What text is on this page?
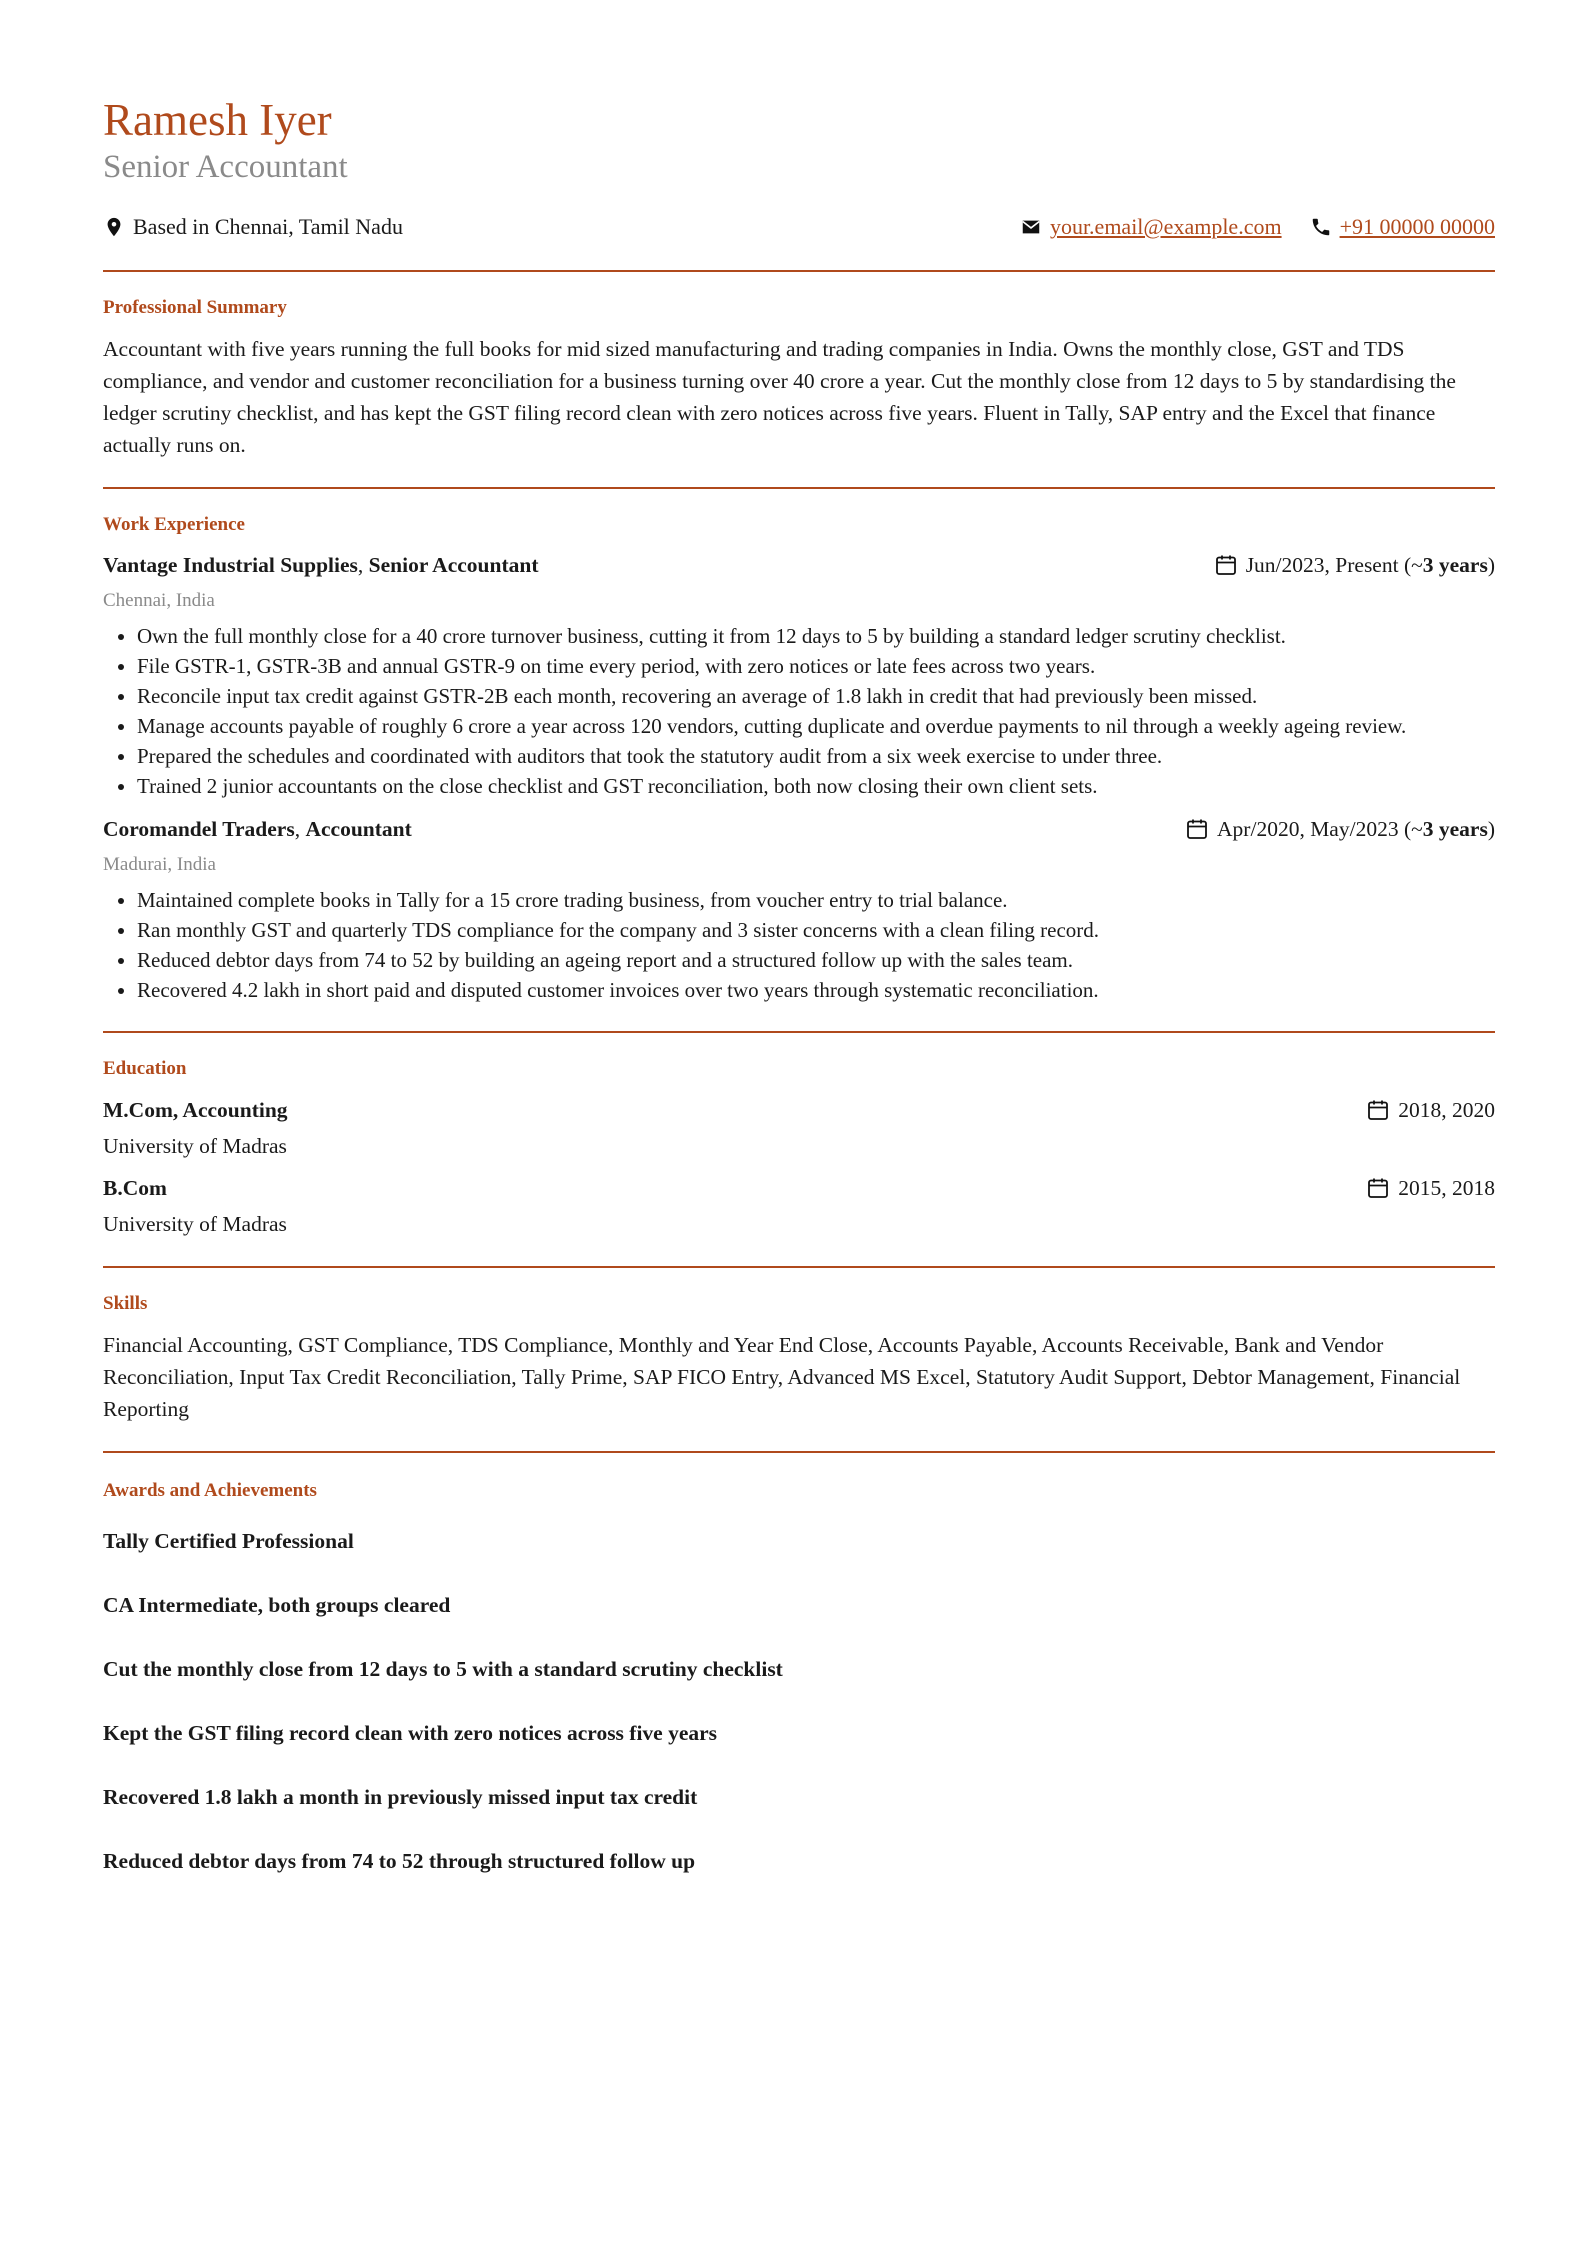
Ramesh Iyer
Senior Accountant
Based in Chennai, Tamil Nadu	your.email@example.com	+91 00000 00000
Professional Summary

Accountant with five years running the full books for mid sized manufacturing and trading companies in India. Owns the monthly close, GST and TDS compliance, and vendor and customer reconciliation for a business turning over 40 crore a year. Cut the monthly close from 12 days to 5 by standardising the ledger scrutiny checklist, and has kept the GST filing record clean with zero notices across five years. Fluent in Tally, SAP entry and the Excel that finance actually runs on.

Work Experience
Vantage Industrial Supplies, Senior Accountant	Jun/2023, Present (~ 3 years )
Chennai, India
• Own the full monthly close for a 40 crore turnover business, cutting it from 12 days to 5 by building a standard ledger scrutiny checklist.
• File GSTR-1, GSTR-3B and annual GSTR-9 on time every period, with zero notices or late fees across two years.
• Reconcile input tax credit against GSTR-2B each month, recovering an average of 1.8 lakh in credit that had previously been missed.
• Manage accounts payable of roughly 6 crore a year across 120 vendors, cutting duplicate and overdue payments to nil through a weekly ageing review.
• Prepared the schedules and coordinated with auditors that took the statutory audit from a six week exercise to under three.
• Trained 2 junior accountants on the close checklist and GST reconciliation, both now closing their own client sets.
Coromandel Traders, Accountant	Apr/2020, May/2023 (~ 3 years )
Madurai, India
• Maintained complete books in Tally for a 15 crore trading business, from voucher entry to trial balance.
• Ran monthly GST and quarterly TDS compliance for the company and 3 sister concerns with a clean filing record.
• Reduced debtor days from 74 to 52 by building an ageing report and a structured follow up with the sales team.
• Recovered 4.2 lakh in short paid and disputed customer invoices over two years through systematic reconciliation.
Education
M.Com, Accounting	2018, 2020
University of Madras
B.Com	2015, 2018
University of Madras
Skills

Financial Accounting, GST Compliance, TDS Compliance, Monthly and Year End Close, Accounts Payable, Accounts Receivable, Bank and Vendor Reconciliation, Input Tax Credit Reconciliation, Tally Prime, SAP FICO Entry, Advanced MS Excel, Statutory Audit Support, Debtor Management, Financial Reporting

Awards and Achievements
Tally Certified Professional
CA Intermediate, both groups cleared
Cut the monthly close from 12 days to 5 with a standard scrutiny checklist
Kept the GST filing record clean with zero notices across five years
Recovered 1.8 lakh a month in previously missed input tax credit
Reduced debtor days from 74 to 52 through structured follow up
